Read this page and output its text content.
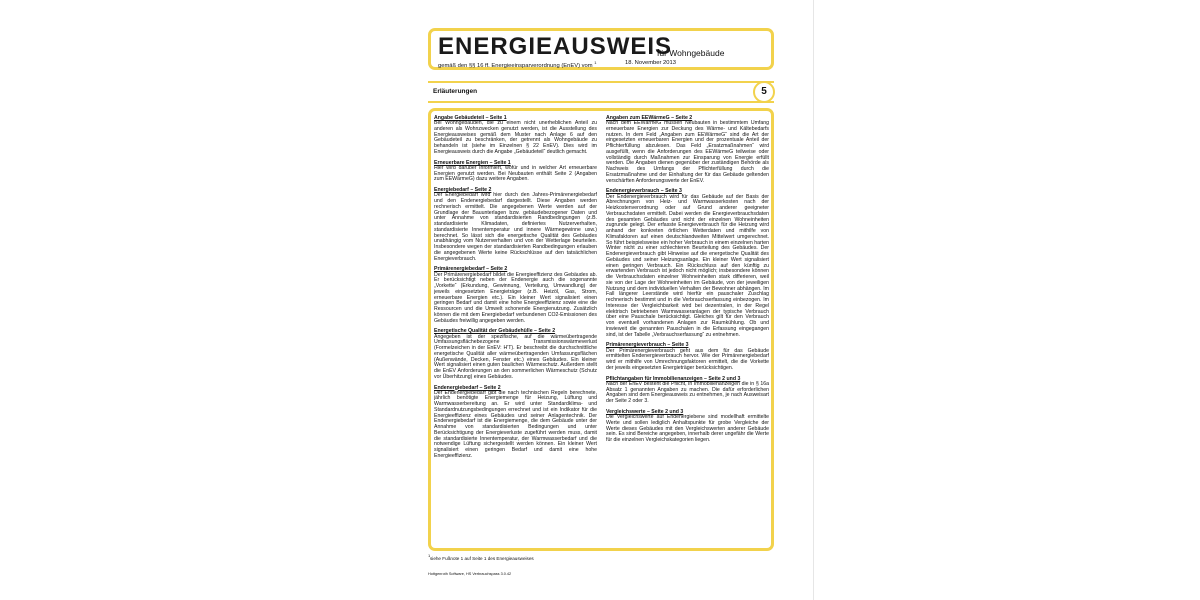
ENERGIEAUSWEIS
für Wohngebäude
gemäß den §§ 16 ff. Energieeinsparverordnung (EnEV) vom $^1$	18. November 2013
Erläuterungen	5
Angabe Gebäudeteil – Seite 1
Bei Wohngebäuden, die zu einem nicht unerheblichen Anteil zu anderen als Wohnzwecken genutzt werden, ist die Ausstellung des Energieausweises gemäß dem Muster nach Anlage 6 auf den Gebäudeteil zu beschränken, der getrennt als Wohngebäude zu behandeln ist (siehe im Einzelnen § 22 EnEV). Dies wird im Energieausweis durch die Angabe „Gebäudeteil“ deutlich gemacht.
Erneuerbare Energien – Seite 1
Hier wird darüber informiert, wofür und in welcher Art erneuerbare Energien genutzt werden. Bei Neubauten enthält Seite 2 (Angaben zum EEWärmeG) dazu weitere Angaben.
Energiebedarf – Seite 2
Der Energiebedarf wird hier durch den Jahres-Primärenergiebedarf und den Endenergiebedarf dargestellt. Diese Angaben werden rechnerisch ermittelt. Die angegebenen Werte werden auf der Grundlage der Bauunterlagen bzw. gebäudebezogener Daten und unter Annahme von standardisierten Randbedingungen (z.B. standardisierte Klimadaten, definiertes Nutzerverhalten, standardisierte Innentemperatur und innere Wärmegewinne usw.) berechnet. So lässt sich die energetische Qualität des Gebäudes unabhängig vom Nutzerverhalten und von der Wetterlage beurteilen. Insbesondere wegen der standardisierten Randbedingungen erlauben die angegebenen Werte keine Rückschlüsse auf den tatsächlichen Energieverbrauch.
Primärenergiebedarf – Seite 2
Der Primärenergiebedarf bildet die Energieeffizienz des Gebäudes ab. Er berücksichtigt neben der Endenergie auch die sogenannte „Vorkette“ (Erkundung, Gewinnung, Verteilung, Umwandlung) der jeweils eingesetzten Energieträger (z.B. Heizöl, Gas, Strom, erneuerbare Energien etc.). Ein kleiner Wert signalisiert einen geringen Bedarf und damit eine hohe Energieeffizienz sowie eine die Ressourcen und die Umwelt schonende Energienutzung. Zusätzlich können die mit dem Energiebedarf verbundenen CO2-Emissionen des Gebäudes freiwillig angegeben werden.
Energetische Qualität der Gebäudehülle – Seite 2
Angegeben ist der spezifische, auf die wärmeübertragende Umfassungsflächebezogene Transmissionswärmeverlust (Formelzeichen in der EnEV: H'T). Er beschreibt die durchschnittliche energetische Qualität aller wärmeübertragenden Umfassungsflächen (Außenwände, Decken, Fenster etc.) eines Gebäudes. Ein kleiner Wert signalisiert einen guten baulichen Wärmeschutz. Außerdem stellt die EnEV Anforderungen an den sommerlichen Wärmeschutz (Schutz vor Überhitzung) eines Gebäudes.
Endenergiebedarf – Seite 2
Der Endenergiebedarf gibt die nach technischen Regeln berechnete, jährlich benötigte Energiemenge für Heizung, Lüftung und Warmwasserbereitung an. Er wird unter Standardklima- und Standardnutzungsbedingungen errechnet und ist ein Indikator für die Energieeffizienz eines Gebäudes und seiner Anlagentechnik. Der Endenergiebedarf ist die Energiemenge, die dem Gebäude unter der Annahme von standardisierten Bedingungen und unter Berücksichtigung der Energieverluste zugeführt werden muss, damit die standardisierte Innentemperatur, der Warmwasserbedarf und die notwendige Lüftung sichergestellt werden können. Ein kleiner Wert signalisiert einen geringen Bedarf und damit eine hohe Energieeffizienz.
Angaben zum EEWärmeG – Seite 2
Nach dem EEWärmeG müssen Neubauten in bestimmtem Umfang erneuerbare Energien zur Deckung des Wärme- und Kältebedarfs nutzen. In dem Feld „Angaben zum EEWärmeG“ sind die Art der eingesetzten erneuerbaren Energien und der prozentuale Anteil der Pflichterfüllung abzulesen. Das Feld „Ersatzmaßnahmen“ wird ausgefüllt, wenn die Anforderungen des EEWärmeG teilweise oder vollständig durch Maßnahmen zur Einsparung von Energie erfüllt werden. Die Angaben dienen gegenüber der zuständigen Behörde als Nachweis des Umfangs der Pflichterfüllung durch die Ersatzmaßnahme und der Einhaltung der für das Gebäude geltenden verschärften Anforderungswerte der EnEV.
Endenergieverbrauch – Seite 3
Der Endenergieverbrauch wird für das Gebäude auf der Basis der Abrechnungen von Heiz- und Warmwasserkosten nach der Heizkostenverordnung oder auf Grund anderer geeigneter Verbrauchsdaten ermittelt. Dabei werden die Energieverbrauchsdaten des gesamten Gebäudes und nicht der einzelnen Wohneinheiten zugrunde gelegt. Der erfasste Energieverbrauch für die Heizung wird anhand der konkreten örtlichen Wetterdaten und mithilfe von Klimafaktoren auf einen deutschlandweiten Mittelwert umgerechnet. So führt beispielsweise ein hoher Verbrauch in einem einzelnen harten Winter nicht zu einer schlechteren Beurteilung des Gebäudes. Der Endenergieverbrauch gibt Hinweise auf die energetische Qualität des Gebäudes und seiner Heizungsanlage. Ein kleiner Wert signalisiert einen geringen Verbrauch. Ein Rückschluss auf den künftig zu erwartenden Verbrauch ist jedoch nicht möglich; insbesondere können die Verbrauchsdaten einzelner Wohneinheiten stark differieren, weil sie von der Lage der Wohneinheiten im Gebäude, von der jeweiligen Nutzung und dem individuellen Verhalten der Bewohner abhängen. Im Fall längerer Leerstände wird hierfür ein pauschaler Zuschlag rechnerisch bestimmt und in die Verbrauchserfassung einbezogen. Im Interesse der Vergleichbarkeit wird bei dezentralen, in der Regel elektrisch betriebenen Warmwasseranlagen der typische Verbrauch über eine Pauschale berücksichtigt. Gleiches gilt für den Verbrauch von eventuell vorhandenen Anlagen zur Raumkühlung. Ob und inwieweit die genannten Pauschalen in die Erfassung eingegangen sind, ist der Tabelle „Verbrauchserfassung“ zu entnehmen.
Primärenergieverbrauch – Seite 3
Der Primärenergieverbrauch geht aus dem für das Gebäude ermittelten Endenergieverbrauch hervor. Wie der Primärenergiebedarf wird er mithilfe von Umrechnungsfaktoren ermittelt, die die Vorkette der jeweils eingesetzten Energieträger berücksichtigen.
Pflichtangaben für Immobilienanzeigen – Seite 2 und 3
Nach der EnEV besteht die Pflicht, in Immobilienanzeigen die in § 16a Absatz 1 genannten Angaben zu machen. Die dafür erforderlichen Angaben sind dem Energieausweis zu entnehmen, je nach Ausweisart der Seite 2 oder 3.
Vergleichswerte – Seite 2 und 3
Die Vergleichswerte auf Endenergiebene sind modellhaft ermittelte Werte und sollen lediglich Anhaltspunkte für grobe Vergleiche der Werte dieses Gebäudes mit den Vergleichswerten anderer Gebäude sein. Es sind Bereiche angegeben, innerhalb derer ungefähr die Werte für die einzelnen Vergleichskategorien liegen.
1
siehe Fußnote 1 auf Seite 1 des Energieausweises
Hottgenroth Software, HS Verbrauchspass 3.0.42
